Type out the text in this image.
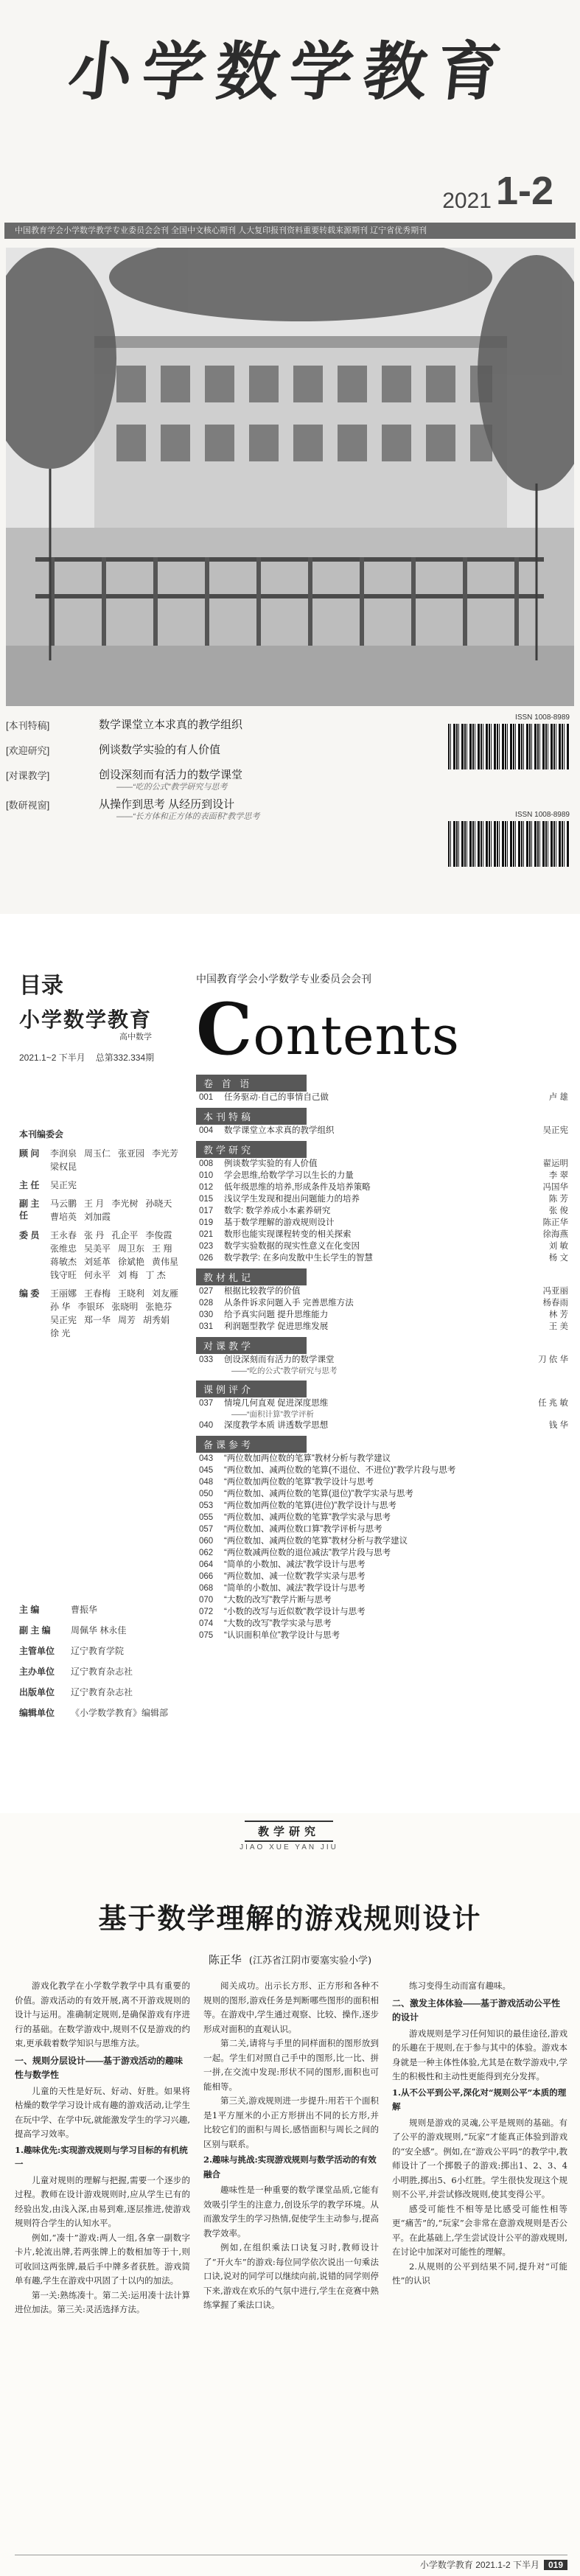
小学数学教育
2021 1-2
中国教育学会小学数学教学专业委员会会刊 全国中文核心期刊 人大复印报刊资料重要转载来源期刊 辽宁省优秀期刊
[本刊特稿]	数学课堂立本求真的教学组织
[欢迎研究]	例谈数学实验的有人价值
[对课教学]	创设深刻而有活力的数学课堂
——“吃的公式”教学研究与思考
[数研视窗]	从操作到思考 从经历到设计
——“长方体和正方体的表面积”教学思考
ISSN 1008-8989
ISSN 1008-8989
目录
小学数学教育
高中数学
2021.1~2 下半月 总第332.334期
本刊编委会
顾 问	李润泉 周玉仁 张亚园 李光芳
梁权昆
主 任	吴正宪
副 主 任
马云鹏 王 月 李光树 孙晓天
曹培英 刘加霞
委 员	王永春 张 丹 孔企平 李俊霞
张维忠 吴美平 周卫东 王 翔
蒋敏杰 刘延革 徐斌艳 黄伟星
钱守旺 何永平 刘 梅 丁 杰
编 委	王丽娜 王春梅 王晓利 刘友雁
孙 华 李银环 张晓明 张艳芬
吴正宪 郑一华 周芳 胡秀娟
徐 光
主 编	曹振华
副 主 编	周佩华 林永佳
主管单位	辽宁教育学院
主办单位	辽宁教育杂志社
出版单位	辽宁教育杂志社
编辑单位	《小学数学教育》编辑部
中国教育学会小学数学专业委员会会刊
Contents
卷 首 语
001	任务驱动·自己的事情自己做	卢 雄
本刊特稿
004	数学课堂立本求真的教学组织	吴正宪
教学研究
008	例谈数学实验的有人价值	翟运明
010	学会思维,给数学学习以生长的力量	李 翠
012	低年级思维的培养,形成条件及培养策略	冯国华
015	浅议学生发现和提出问题能力的培养	陈 芳
017	数学: 数学养成小本素养研究	张 俊
019	基于数学理解的游戏规则设计	陈正华
021	数形也能实现课程转变的相关探索	徐海燕
023	数学实验数据的现实性意义在化变因	刘 敏
026	数学教学: 在多向发散中生长学生的智慧	杨 文
教材札记
027	根据比较教学的价值	冯亚丽
028	从条件诉求问题入手 完善思维方法	杨春雨
030	给予真实问题 提升思维能力	林 芳
031	利润题型教学 促进思维发展	王 美
对课教学
033	创设深刻而有活力的数学课堂	刀 依 华
——“吃的公式”教学研究与思考
课例评介
037	情境几何直观 促进深度思维	任 兆 敏
——“面积计算”教学评析
040	深度教学本质 讲透数学思想	钱 华
备课参考
043	“两位数加两位数的笔算”教材分析与教学建议
045	“两位数加、减两位数的笔算(不退位、不进位)”教学片段与思考
048	“两位数加两位数的笔算”教学设计与思考
050	“两位数加、减两位数的笔算(退位)”教学实录与思考
053	“两位数加两位数的笔算(进位)”教学设计与思考
055	“两位数加、减两位数的笔算”教学实录与思考
057	“两位数加、减两位数口算”教学评析与思考
060	“两位数加、减两位数的笔算”教材分析与教学建议
062	“两位数减两位数的退位减法”教学片段与思考
064	“简单的小数加、减法”教学设计与思考
066	“两位数加、减一位数”教学实录与思考
068	“简单的小数加、减法”教学设计与思考
070	“大数的改写”教学片断与思考
072	“小数的改写与近似数”教学设计与思考
074	“大数的改写”教学实录与思考
075	“认识面积单位”教学设计与思考
教学研究
JIAO XUE YAN JIU
基于数学理解的游戏规则设计
陈正华 (江苏省江阴市要塞实验小学)

游戏化教学在小学数学教学中具有重要的价值。游戏活动的有效开展,离不开游戏规则的设计与运用。准确制定规则,是确保游戏有序进行的基础。在数学游戏中,规则不仅是游戏的约束,更承载着数学知识与思维方法。

一、规则分层设计——基于游戏活动的趣味性与数学性

儿童的天性是好玩、好动、好胜。如果将枯燥的数学学习设计成有趣的游戏活动,让学生在玩中学、在学中玩,就能激发学生的学习兴趣,提高学习效率。

1.趣味优先:实现游戏规则与学习目标的有机统一

儿童对规则的理解与把握,需要一个逐步的过程。教师在设计游戏规则时,应从学生已有的经验出发,由浅入深,由易到难,逐层推进,使游戏规则符合学生的认知水平。

例如,“凑十”游戏:两人一组,各拿一副数字卡片,轮流出牌,若两张牌上的数相加等于十,则可收回这两张牌,最后手中牌多者获胜。游戏简单有趣,学生在游戏中巩固了十以内的加法。

第一关:熟练凑十。第二关:运用凑十法计算进位加法。第三关:灵活选择方法。

阅关成功。出示长方形、正方形和各种不规则的图形,游戏任务是判断哪些图形的面积相等。在游戏中,学生通过观察、比较、操作,逐步形成对面积的直观认识。

第二关,请将与手里的同样面积的图形放到一起。学生们对照自己手中的图形,比一比、拼一拼,在交流中发现:形状不同的图形,面积也可能相等。

第三关,游戏规则进一步提升:用若干个面积是1平方厘米的小正方形拼出不同的长方形,并比较它们的面积与周长,感悟面积与周长之间的区别与联系。

2.趣味与挑战:实现游戏规则与数学活动的有效融合

趣味性是一种重要的数学课堂品质,它能有效吸引学生的注意力,创设乐学的教学环境。从而激发学生的学习热情,促使学生主动参与,提高教学效率。

例如,在组织乘法口诀复习时,教师设计了“开火车”的游戏:每位同学依次说出一句乘法口诀,说对的同学可以继续向前,说错的同学则停下来,游戏在欢乐的气氛中进行,学生在竞赛中熟练掌握了乘法口诀。

练习变得生动而富有趣味。

二、激发主体体验——基于游戏活动公平性的设计

游戏规则是学习任何知识的最佳途径,游戏的乐趣在于规则,在于参与其中的体验。游戏本身就是一种主体性体验,尤其是在数学游戏中,学生的积极性和主动性更能得到充分发挥。

1.从不公平到公平,深化对“规则公平”本质的理解

规则是游戏的灵魂,公平是规则的基础。有了公平的游戏规则,“玩家”才能真正体验到游戏的“安全感”。例如,在“游戏公平吗”的教学中,教师设计了一个掷骰子的游戏:掷出1、2、3、4小明胜,掷出5、6小红胜。学生很快发现这个规则不公平,并尝试修改规则,使其变得公平。

感受可能性不相等是比感受可能性相等更“痛苦”的,“玩家”会非常在意游戏规则是否公平。在此基础上,学生尝试设计公平的游戏规则,在讨论中加深对可能性的理解。

2.从规则的公平到结果不同,提升对“可能性”的认识

小学数学教育 2021.1-2 下半月 019
